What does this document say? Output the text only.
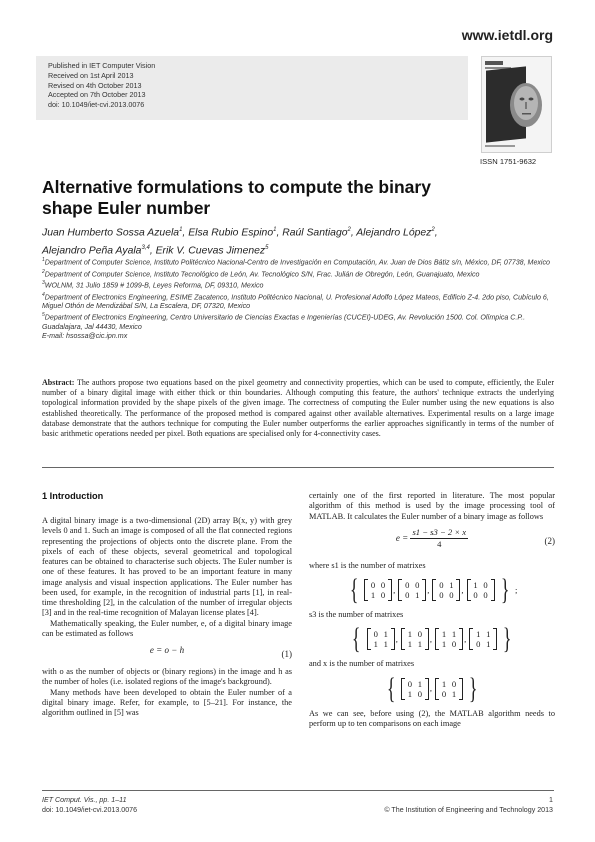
www.ietdl.org
Published in IET Computer Vision
Received on 1st April 2013
Revised on 4th October 2013
Accepted on 7th October 2013
doi: 10.1049/iet-cvi.2013.0076
ISSN 1751-9632
Alternative formulations to compute the binary shape Euler number
Juan Humberto Sossa Azuela$^1$, Elsa Rubio Espino$^1$, Raúl Santiago$^2$, Alejandro López$^2$,
Alejandro Peña Ayala$^{3,4}$, Erik V. Cuevas Jimenez$^5$
$^1$Department of Computer Science, Instituto Politécnico Nacional-Centro de Investigación en Computación, Av. Juan de Dios Bátiz s/n, México, DF, 07738, Mexico
$^2$Department of Computer Science, Instituto Tecnológico de León, Av. Tecnológico S/N, Frac. Julián de Obregón, León, Guanajuato, Mexico
$^3$WOLNM, 31 Julio 1859 # 1099-B, Leyes Reforma, DF, 09310, Mexico
$^4$Department of Electronics Engineering, ESIME Zacatenco, Instituto Politécnico Nacional, U. Profesional Adolfo López Mateos, Edificio Z-4. 2do piso, Cubículo 6, Miguel Othón de Mendizábal S/N, La Escalera, DF, 07320, Mexico
$^5$Department of Electronics Engineering, Centro Universitario de Ciencias Exactas e Ingenierías (CUCEI)-UDEG, Av. Revolución 1500. Col. Olímpica C.P.. Guadalajara, Jal 44430, Mexico
E-mail: hsossa@cic.ipn.mx
Abstract: The authors propose two equations based on the pixel geometry and connectivity properties, which can be used to compute, efficiently, the Euler number of a binary digital image with either thick or thin boundaries. Although computing this feature, the authors' technique extracts the underlying topological information provided by the shape pixels of the given image. The correctness of computing the Euler number using the new equations is also established theoretically. The performance of the proposed method is compared against other available alternatives. Experimental results on a large image database demonstrate that the authors technique for computing the Euler number outperforms the earlier approaches significantly in terms of the number of basic arithmetic operations needed per pixel. Both equations are specialised only for 4-connectivity cases.
1 Introduction

A digital binary image is a two-dimensional (2D) array B(x, y) with grey levels 0 and 1. Such an image is composed of all the flat connected regions representing the projections of objects onto the discrete plane. From the pixels of each of these objects, several geometrical and topological features can be obtained to characterise such objects. The Euler number is one of these features. It has proved to be an important feature in many image analysis and visual inspection applications. The Euler number has been used, for example, in the recognition of industrial parts [1], in real-time thresholding [2], in the calculation of the number of irregular objects [3] and in the real-time recognition of Malayan license plates [4].

Mathematically speaking, the Euler number, e, of a digital binary image can be estimated as follows

e = o − h	(1)

with o as the number of objects or (binary regions) in the image and h as the number of holes (i.e. isolated regions of the image's background).

Many methods have been developed to obtain the Euler number of a digital binary image. Refer, for example, to [5–21]. For instance, the algorithm outlined in [5] was

certainly one of the first reported in literature. The most popular algorithm of this method is used by the image processing tool of MATLAB. It calculates the Euler number of a binary image as follows

$e = \frac{s1 - s3 - 2 \times x}{4}$	(2)

where s1 is the number of matrixes

{	0 0
1 0
,	0 0
0 1
,	0 1
0 0
,	1 0
0 0 } ;

s3 is the number of matrixes

{	0 1
1 1
,	1 0
1 1
,	1 1
1 0
,	1 1
0 1 }

and x is the number of matrixes

{	0 1
1 0
,	1 0
0 1 }

As we can see, before using (2), the MATLAB algorithm needs to perform up to ten comparisons on each image

IET Comput. Vis., pp. 1–11
doi: 10.1049/iet-cvi.2013.0076
1
© The Institution of Engineering and Technology 2013
